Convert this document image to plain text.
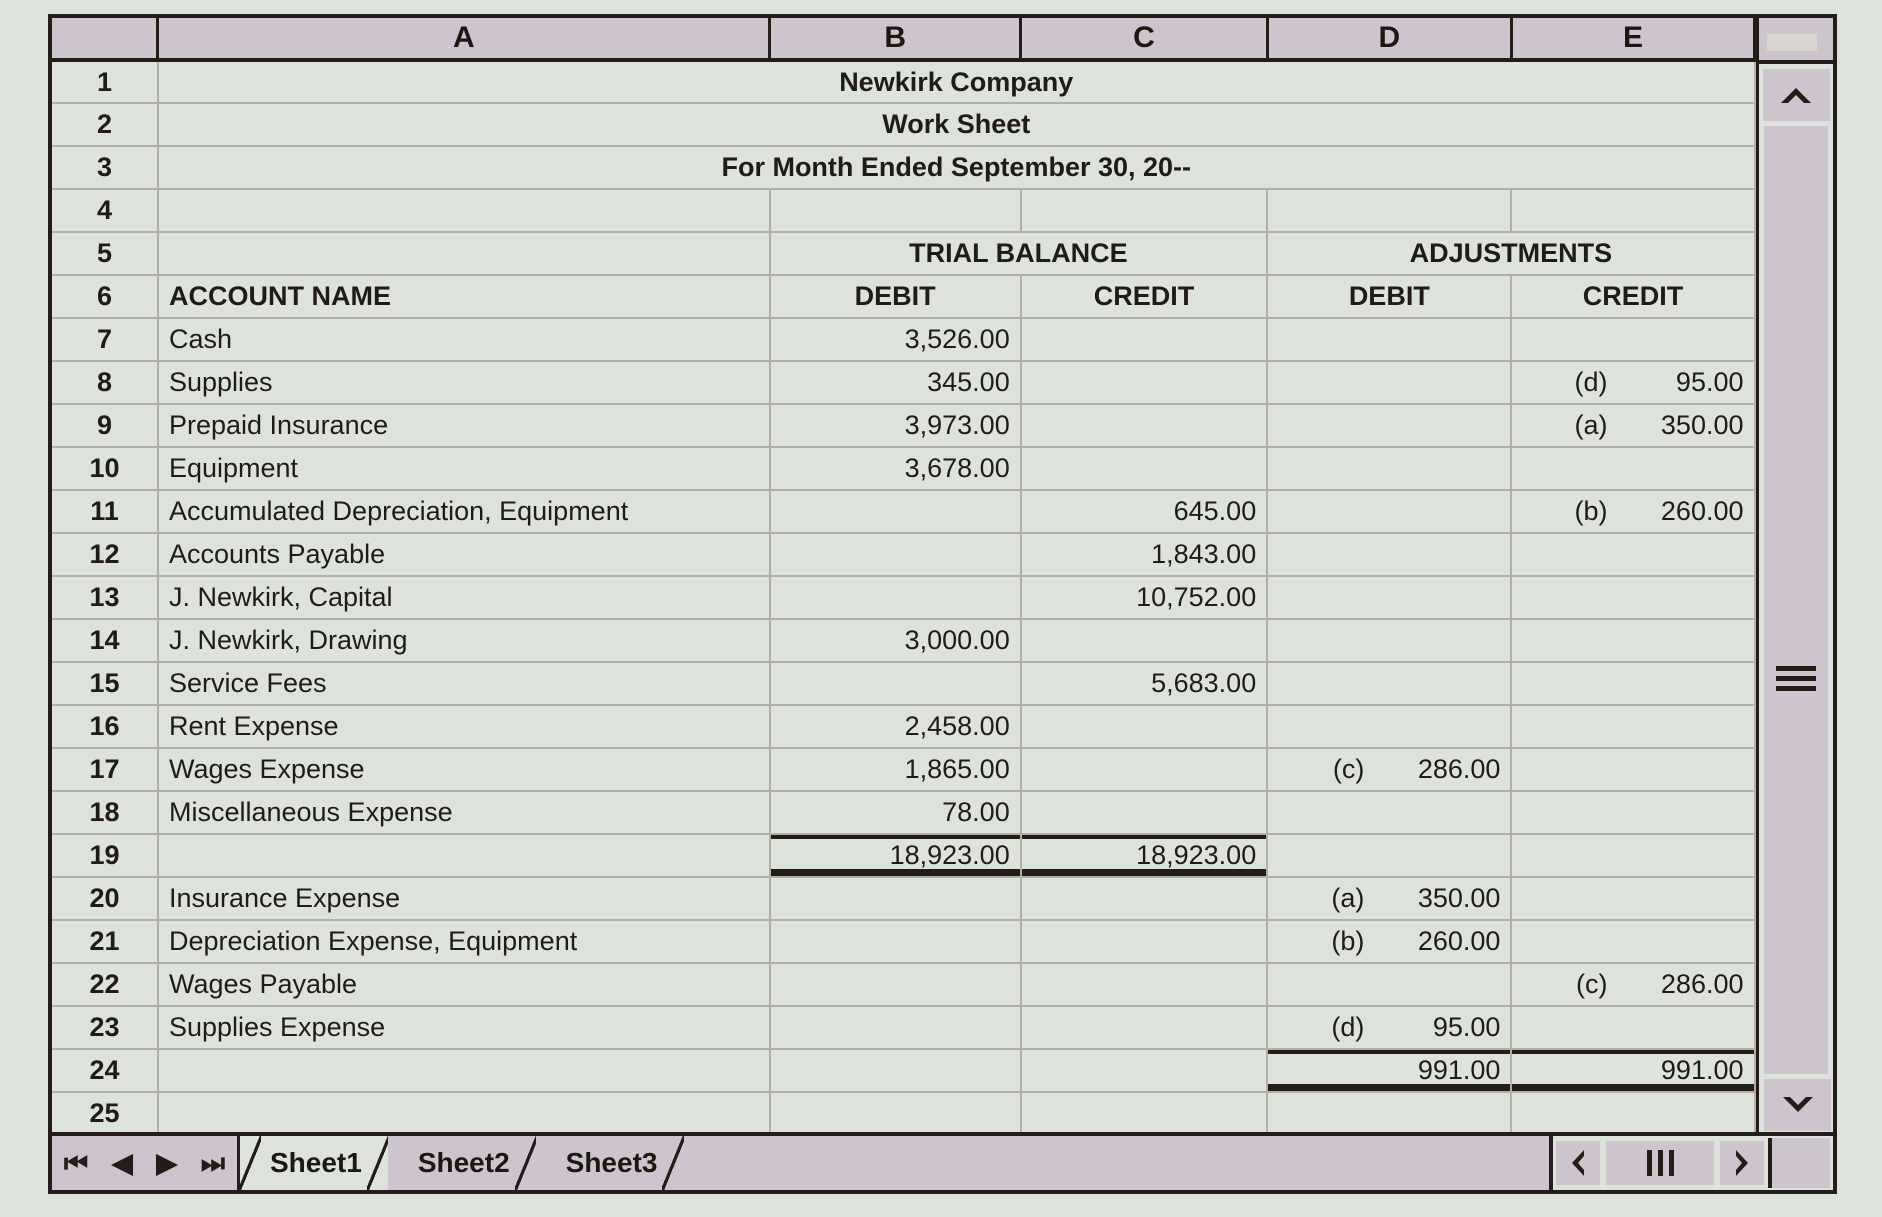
	A	B	C	D	E
1	Newkirk Company				
2	Work Sheet				
3	For Month Ended September 30, 20--				
4					
5		TRIAL BALANCE		ADJUSTMENTS	
6	ACCOUNT NAME	DEBIT	CREDIT	DEBIT	CREDIT
7	Cash	3,526.00			
8	Supplies	345.00			(d) 95.00

9	Prepaid Insurance	3,973.00			(a) 350.00

10	Equipment	3,678.00			
11	Accumulated Depreciation, Equipment		645.00		(b) 260.00

12	Accounts Payable		1,843.00		
13	J. Newkirk, Capital		10,752.00		
14	J. Newkirk, Drawing	3,000.00			
15	Service Fees		5,683.00		
16	Rent Expense	2,458.00			
17	Wages Expense	1,865.00		(c) 286.00	

18	Miscellaneous Expense	78.00			
19		18,923.00	18,923.00		
20	Insurance Expense			(a) 350.00	

21	Depreciation Expense, Equipment			(b) 260.00	

22	Wages Payable				(c) 286.00

23	Supplies Expense			(d) 95.00	

24				991.00	991.00

25					
⏮ ◀ ▶ ⏭ Sheet1 Sheet2 Sheet3
